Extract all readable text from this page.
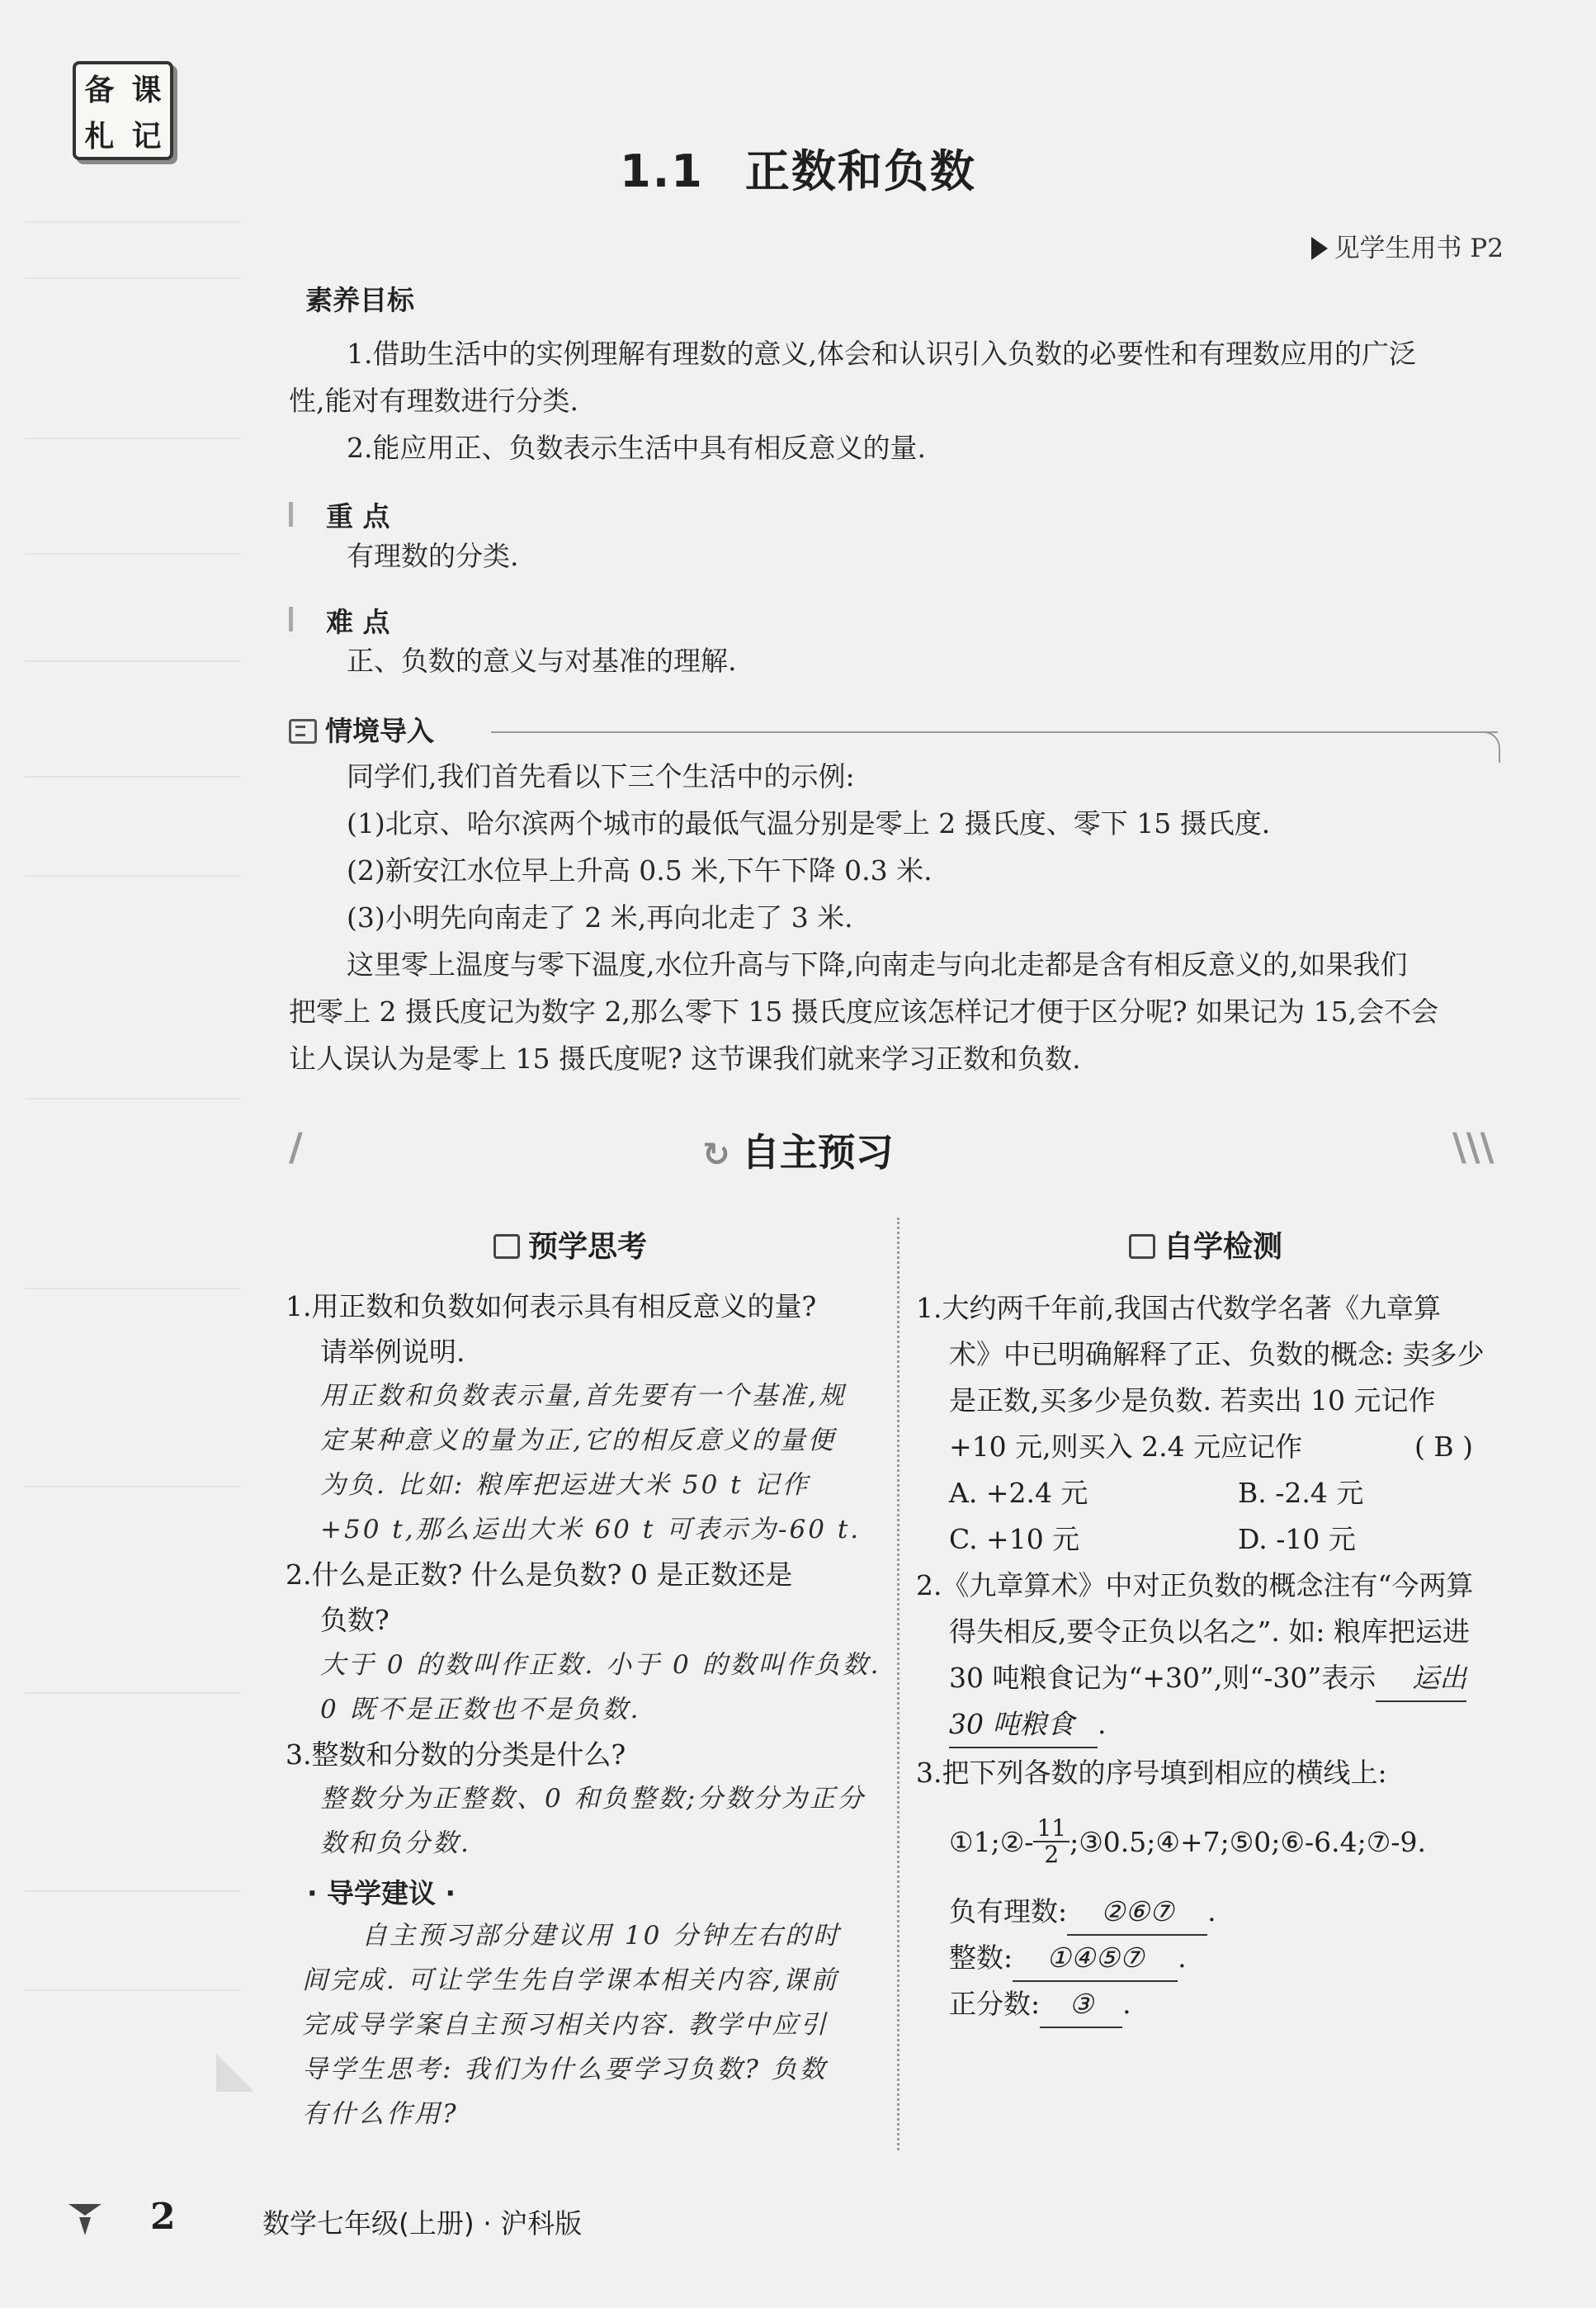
备 课
札 记
1.1 正数和负数
见学生用书 P2
素养目标
1.借助生活中的实例理解有理数的意义,体会和认识引入负数的必要性和有理数应用的广泛
性,能对有理数进行分类.
2.能应用正、负数表示生活中具有相反意义的量.
重 点
有理数的分类.
难 点
正、负数的意义与对基准的理解.
情境导入
同学们,我们首先看以下三个生活中的示例:
(1)北京、哈尔滨两个城市的最低气温分别是零上 2 摄氏度、零下 15 摄氏度.
(2)新安江水位早上升高 0.5 米,下午下降 0.3 米.
(3)小明先向南走了 2 米,再向北走了 3 米.
这里零上温度与零下温度,水位升高与下降,向南走与向北走都是含有相反意义的,如果我们
把零上 2 摄氏度记为数字 2,那么零下 15 摄氏度应该怎样记才便于区分呢? 如果记为 15,会不会
让人误认为是零上 15 摄氏度呢? 这节课我们就来学习正数和负数.
/	\\\
↻ 自主预习
预学思考
1.用正数和负数如何表示具有相反意义的量?
请举例说明.
用正数和负数表示量,首先要有一个基准,规
定某种意义的量为正,它的相反意义的量便
为负. 比如: 粮库把运进大米 50 t 记作
+50 t,那么运出大米 60 t 可表示为-60 t.
2.什么是正数? 什么是负数? 0 是正数还是
负数?
大于 0 的数叫作正数. 小于 0 的数叫作负数.
0 既不是正数也不是负数.
3.整数和分数的分类是什么?
整数分为正整数、0 和负整数;分数分为正分
数和负分数.
· 导学建议 ·
自主预习部分建议用 10 分钟左右的时
间完成. 可让学生先自学课本相关内容,课前
完成导学案自主预习相关内容. 教学中应引
导学生思考: 我们为什么要学习负数? 负数
有什么作用?
自学检测
1.大约两千年前,我国古代数学名著《九章算
术》中已明确解释了正、负数的概念: 卖多少
是正数,买多少是负数. 若卖出 10 元记作
+10 元,则买入 2.4 元应记作	( B )
A. +2.4 元	B. -2.4 元
C. +10 元	D. -10 元
2.《九章算术》中对正负数的概念注有“今两算
得失相反,要令正负以名之”. 如: 粮库把运进
30 吨粮食记为“+30”,则“-30”表示 运出
30 吨粮食 .
3.把下列各数的序号填到相应的横线上:
①1;②- $\frac{11}{2}$ ;③0.5;④+7;⑤0;⑥-6.4;⑦-9.
负有理数: ②⑥⑦ .
整数: ①④⑤⑦ .
正分数: ③ .
2	数学七年级(上册) · 沪科版
